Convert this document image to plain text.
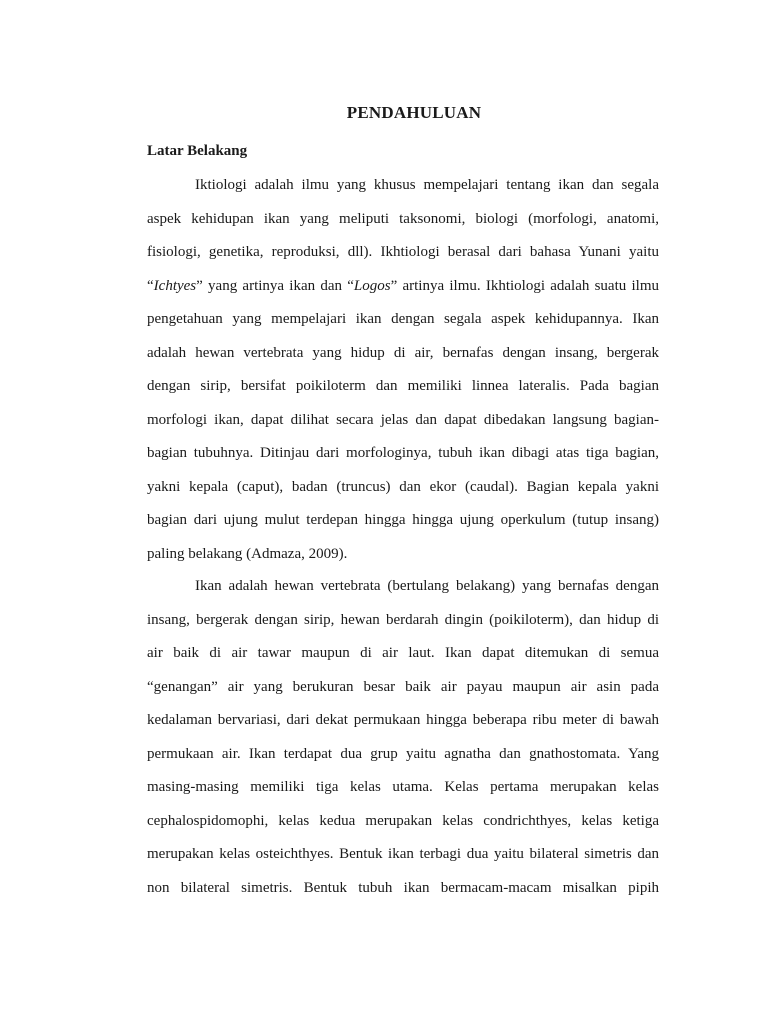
PENDAHULUAN
Latar Belakang
Iktiologi adalah ilmu yang khusus mempelajari tentang ikan dan segala
aspek kehidupan ikan yang meliputi taksonomi, biologi (morfologi, anatomi,
fisiologi, genetika, reproduksi, dll). Ikhtiologi berasal dari bahasa Yunani yaitu
“Ichtyes” yang artinya ikan dan “Logos” artinya ilmu. Ikhtiologi adalah suatu ilmu
pengetahuan yang mempelajari ikan dengan segala aspek kehidupannya. Ikan
adalah hewan vertebrata yang hidup di air, bernafas dengan insang, bergerak
dengan sirip, bersifat poikiloterm dan memiliki linnea lateralis. Pada bagian
morfologi ikan, dapat dilihat secara jelas dan dapat dibedakan langsung bagian-
bagian tubuhnya. Ditinjau dari morfologinya, tubuh ikan dibagi atas tiga bagian,
yakni kepala (caput), badan (truncus) dan ekor (caudal). Bagian kepala yakni
bagian dari ujung mulut terdepan hingga hingga ujung operkulum (tutup insang)
paling belakang (Admaza, 2009).
Ikan adalah hewan vertebrata (bertulang belakang) yang bernafas dengan
insang, bergerak dengan sirip, hewan berdarah dingin (poikiloterm), dan hidup di
air baik di air tawar maupun di air laut. Ikan dapat ditemukan di semua
“genangan” air yang berukuran besar baik air payau maupun air asin pada
kedalaman bervariasi, dari dekat permukaan hingga beberapa ribu meter di bawah
permukaan air. Ikan terdapat dua grup yaitu agnatha dan gnathostomata. Yang
masing-masing memiliki tiga kelas utama. Kelas pertama merupakan kelas
cephalospidomophi, kelas kedua merupakan kelas condrichthyes, kelas ketiga
merupakan kelas osteichthyes. Bentuk ikan terbagi dua yaitu bilateral simetris dan
non bilateral simetris. Bentuk tubuh ikan bermacam-macam misalkan pipih
